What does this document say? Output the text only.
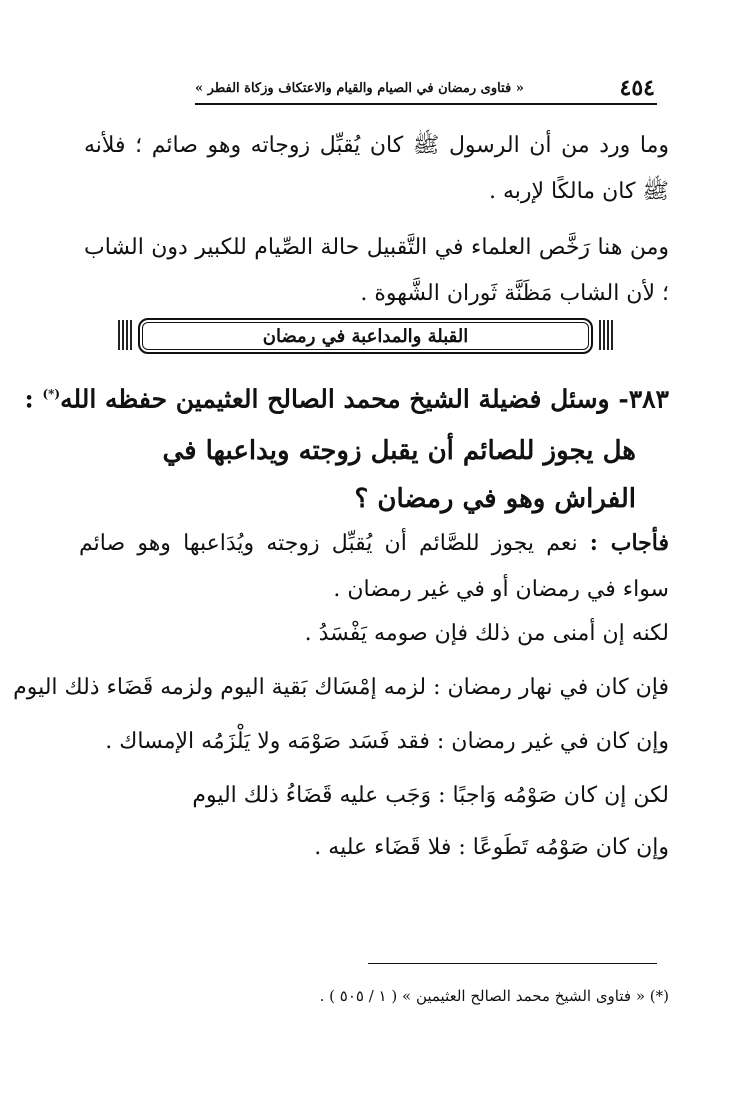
٤٥٤
« فتاوى رمضان في الصيام والقيام والاعتكاف وزكاة الفطر »
وما ورد من أن الرسول ﷺ كان يُقبِّل زوجاته وهو صائم ؛ فلأنه ﷺ كان مالكًا لإربه .
ومن هنا رَخَّص العلماء في التَّقبيل حالة الصِّيام للكبير دون الشاب ؛ لأن الشاب مَظَنَّة ثَوران الشَّهوة .
القبلة والمداعبة في رمضان
٣٨٣- وسئل فضيلة الشيخ محمد الصالح العثيمين حفظه الله(*) :
هل يجوز للصائم أن يقبل زوجته ويداعبها في الفراش وهو في رمضان ؟
فأجاب : نعم يجوز للصَّائم أن يُقبِّل زوجته ويُدَاعبها وهو صائم سواء في رمضان أو في غير رمضان .
لكنه إن أمنى من ذلك فإن صومه يَفْسَدُ .
فإن كان في نهار رمضان : لزمه إمْسَاك بَقية اليوم ولزمه قَضَاء ذلك اليوم
وإن كان في غير رمضان : فقد فَسَد صَوْمَه ولا يَلْزَمُه الإمساك .
لكن إن كان صَوْمُه وَاجبًا : وَجَب عليه قَضَاءُ ذلك اليوم
وإن كان صَوْمُه تَطَوعًا : فلا قَضَاء عليه .
(*) « فتاوى الشيخ محمد الصالح العثيمين » ( ١ / ٥٠٥ ) .
